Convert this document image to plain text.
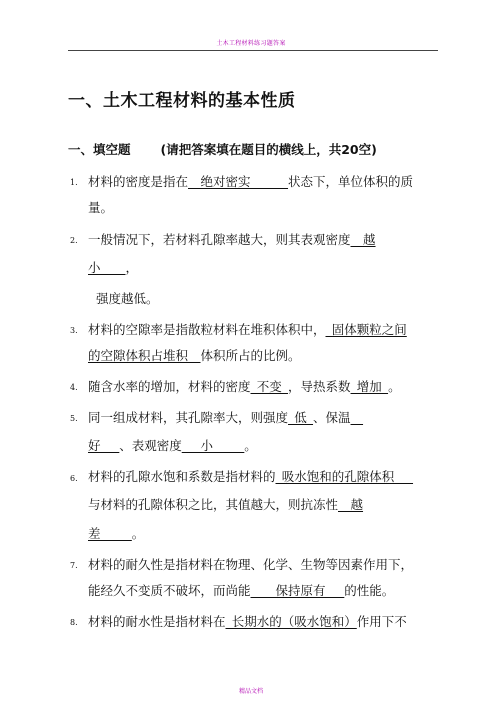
土木工程材料练习题答案
一、土木工程材料的基本性质
一、填空题 (请把答案填在题目的横线上，共20空)
1. 材料的密度是指在__绝对密实______状态下，单位体积的质
量。
2. 一般情况下，若材料孔隙率越大，则其表观密度__越
小____，
强度越低。
3. 材料的空隙率是指散粒材料在堆积体积中，_固体颗粒之间
的空隙体积占堆积__体积所占的比例。
4. 随含水率的增加，材料的密度_不变_，导热系数_增加_。
5. 同一组成材料，其孔隙率大，则强度_低_、保温__
好___、表观密度___小_____。
6. 材料的孔隙水饱和系数是指材料的_吸水饱和的孔隙体积___
与材料的孔隙体积之比，其值越大，则抗冻性__越
差_____。
7. 材料的耐久性是指材料在物理、化学、生物等因素作用下，
能经久不变质不破坏，而尚能____保持原有___的性能。
8. 材料的耐水性是指材料在_长期水的（吸水饱和）作用下不
精品文档
